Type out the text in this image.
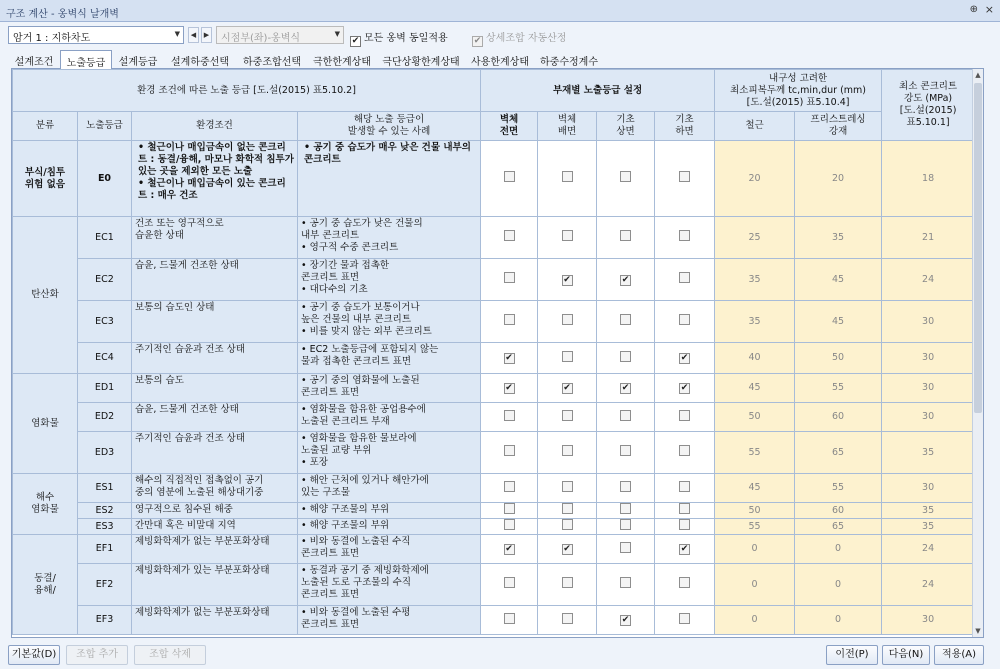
구조 계산 - 옹벽식 날개벽	⊕ ×
암거 1 : 지하차도	▼	◀	▶	시점부(좌)-옹벽식	▼
✔ 모든 옹벽 동일적용	✔ 상세조합 자동산정
설계조건	노출등급	설계등급	설계하중선택	하중조합선택	극한한계상태	극단상황한계상태	사용한계상태	하중수정계수
환경 조건에 따른 노출 등급 [도.설(2015) 표5.10.2]				부재별 노출등급 설정				내구성 고려한
최소피복두께 tc,min,dur (mm)
[도.설(2015) 표5.10.4]		최소 콘크리트
강도 (MPa)
[도.설(2015)
표5.10.1]
분류	노출등급	환경조건	해당 노출 등급이
발생할 수 있는 사례	벽체
전면	벽체
배면	기초
상면	기초
하면	철근	프리스트레싱
강재	
부식/침투
위험 없음	E0	• 철근이나 매입금속이 없는 콘크리트 : 동결/융해, 마모나 화학적 침투가 있는 곳을 제외한 모든 노출
• 철근이나 매입금속이 있는 콘크리트 : 매우 건조	• 공기 중 습도가 매우 낮은 건물 내부의 콘크리트					20	20	18
탄산화	EC1	건조 또는 영구적으로
습윤한 상태	• 공기 중 습도가 낮은 건물의
내부 콘크리트
• 영구적 수중 콘크리트					25	35	21
	EC2	습윤, 드물게 건조한 상태	• 장기간 물과 접촉한
콘크리트 표면
• 대다수의 기초		✔	✔		35	45	24
	EC3	보통의 습도인 상태	• 공기 중 습도가 보통이거나
높은 건물의 내부 콘크리트
• 비를 맞지 않는 외부 콘크리트					35	45	30
	EC4	주기적인 습윤과 건조 상태	• EC2 노출등급에 포함되지 않는
물과 접촉한 콘크리트 표면	✔			✔	40	50	30
염화물	ED1	보통의 습도	• 공기 중의 염화물에 노출된
콘크리트 표면	✔	✔	✔	✔	45	55	30
	ED2	습윤, 드물게 건조한 상태	• 염화물을 함유한 공업용수에
노출된 콘크리트 부재					50	60	30
	ED3	주기적인 습윤과 건조 상태	• 염화물을 함유한 물보라에
노출된 교량 부위
• 포장					55	65	35
해수
염화물	ES1	해수의 직접적인 접촉없이 공기
중의 염분에 노출된 해상대기중	• 해안 근처에 있거나 해안가에
있는 구조물					45	55	30
	ES2	영구적으로 침수된 해중	• 해양 구조물의 부위					50	60	35
	ES3	간만대 혹은 비말대 지역	• 해양 구조물의 부위					55	65	35
동결/
융해/	EF1	제빙화학제가 없는 부분포화상태	• 비와 동결에 노출된 수직
콘크리트 표면	✔	✔		✔	0	0	24
	EF2	제빙화학제가 있는 부분포화상태	• 동결과 공기 중 제빙화학제에
노출된 도로 구조물의 수직
콘크리트 표면					0	0	24
	EF3	제빙화학제가 없는 부분포화상태	• 비와 동결에 노출된 수평
콘크리트 표면			✔		0	0	30
▲
▼
기본값(D)	조합 추가	조합 삭제	이전(P)	다음(N)	적용(A)
